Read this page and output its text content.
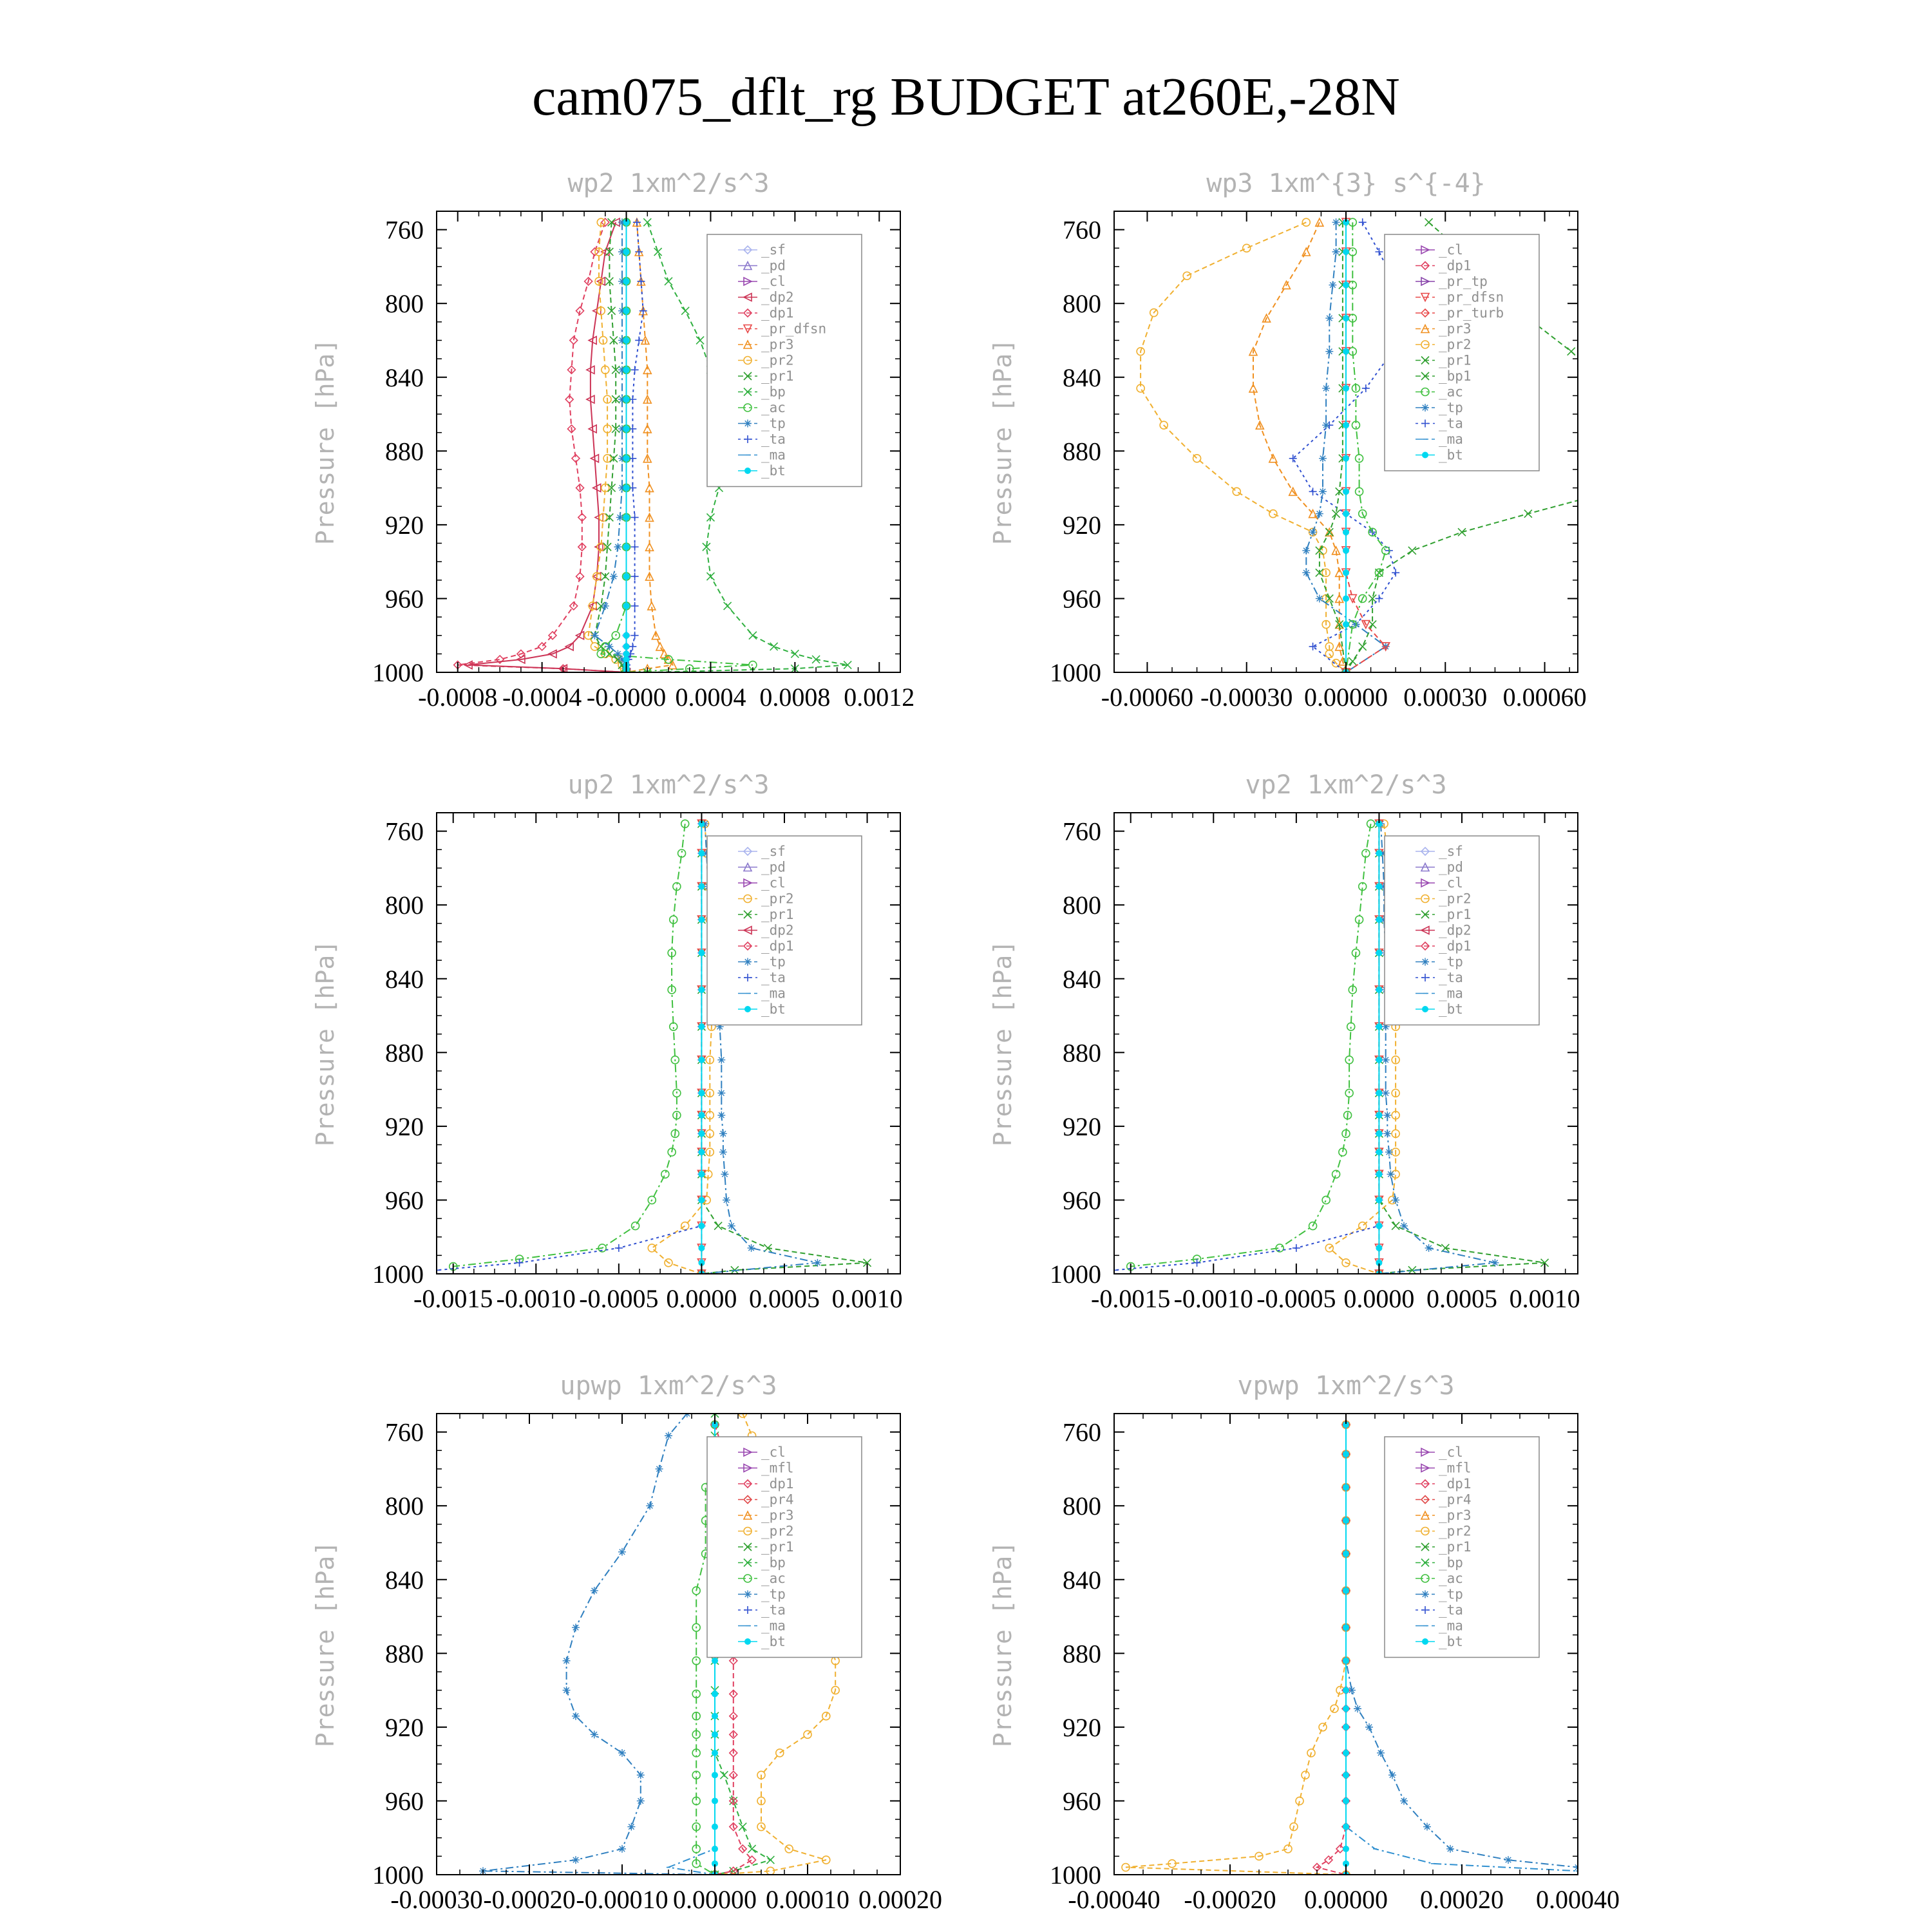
cam075_dflt_rg BUDGET at260E,-28N
wp2 1xm^2/s^3
Pressure [hPa]
760
800
840
880
920
960
1000
-0.0008 -0.0004 -0.0000 0.0004 0.0008 0.0012
_sf
_pd
_cl
_dp2
_dp1
_pr_dfsn
_pr3
_pr2
_pr1
_bp
_ac
_tp
_ta
_ma
_bt
wp3 1xm^{3} s^{-4}
Pressure [hPa]
760
800
840
880
920
960
1000
-0.00060 -0.00030 0.00000 0.00030 0.00060
_cl
_dp1
_pr_tp
_pr_dfsn
_pr_turb
_pr3
_pr2
_pr1
_bp1
_ac
_tp
_ta
_ma
_bt
up2 1xm^2/s^3
Pressure [hPa]
760
800
840
880
920
960
1000
-0.0015 -0.0010 -0.0005 0.0000 0.0005 0.0010
_sf
_pd
_cl
_pr2
_pr1
_dp2
_dp1
_tp
_ta
_ma
_bt
vp2 1xm^2/s^3
Pressure [hPa]
760
800
840
880
920
960
1000
-0.0015 -0.0010 -0.0005 0.0000 0.0005 0.0010
_sf
_pd
_cl
_pr2
_pr1
_dp2
_dp1
_tp
_ta
_ma
_bt
upwp 1xm^2/s^3
Pressure [hPa]
760
800
840
880
920
960
1000
-0.00030 -0.00020 -0.00010 0.00000 0.00010 0.00020
_cl
_mfl
_dp1
_pr4
_pr3
_pr2
_pr1
_bp
_ac
_tp
_ta
_ma
_bt
vpwp 1xm^2/s^3
Pressure [hPa]
760
800
840
880
920
960
1000
-0.00040 -0.00020 0.00000 0.00020 0.00040
_cl
_mfl
_dp1
_pr4
_pr3
_pr2
_pr1
_bp
_ac
_tp
_ta
_ma
_bt
